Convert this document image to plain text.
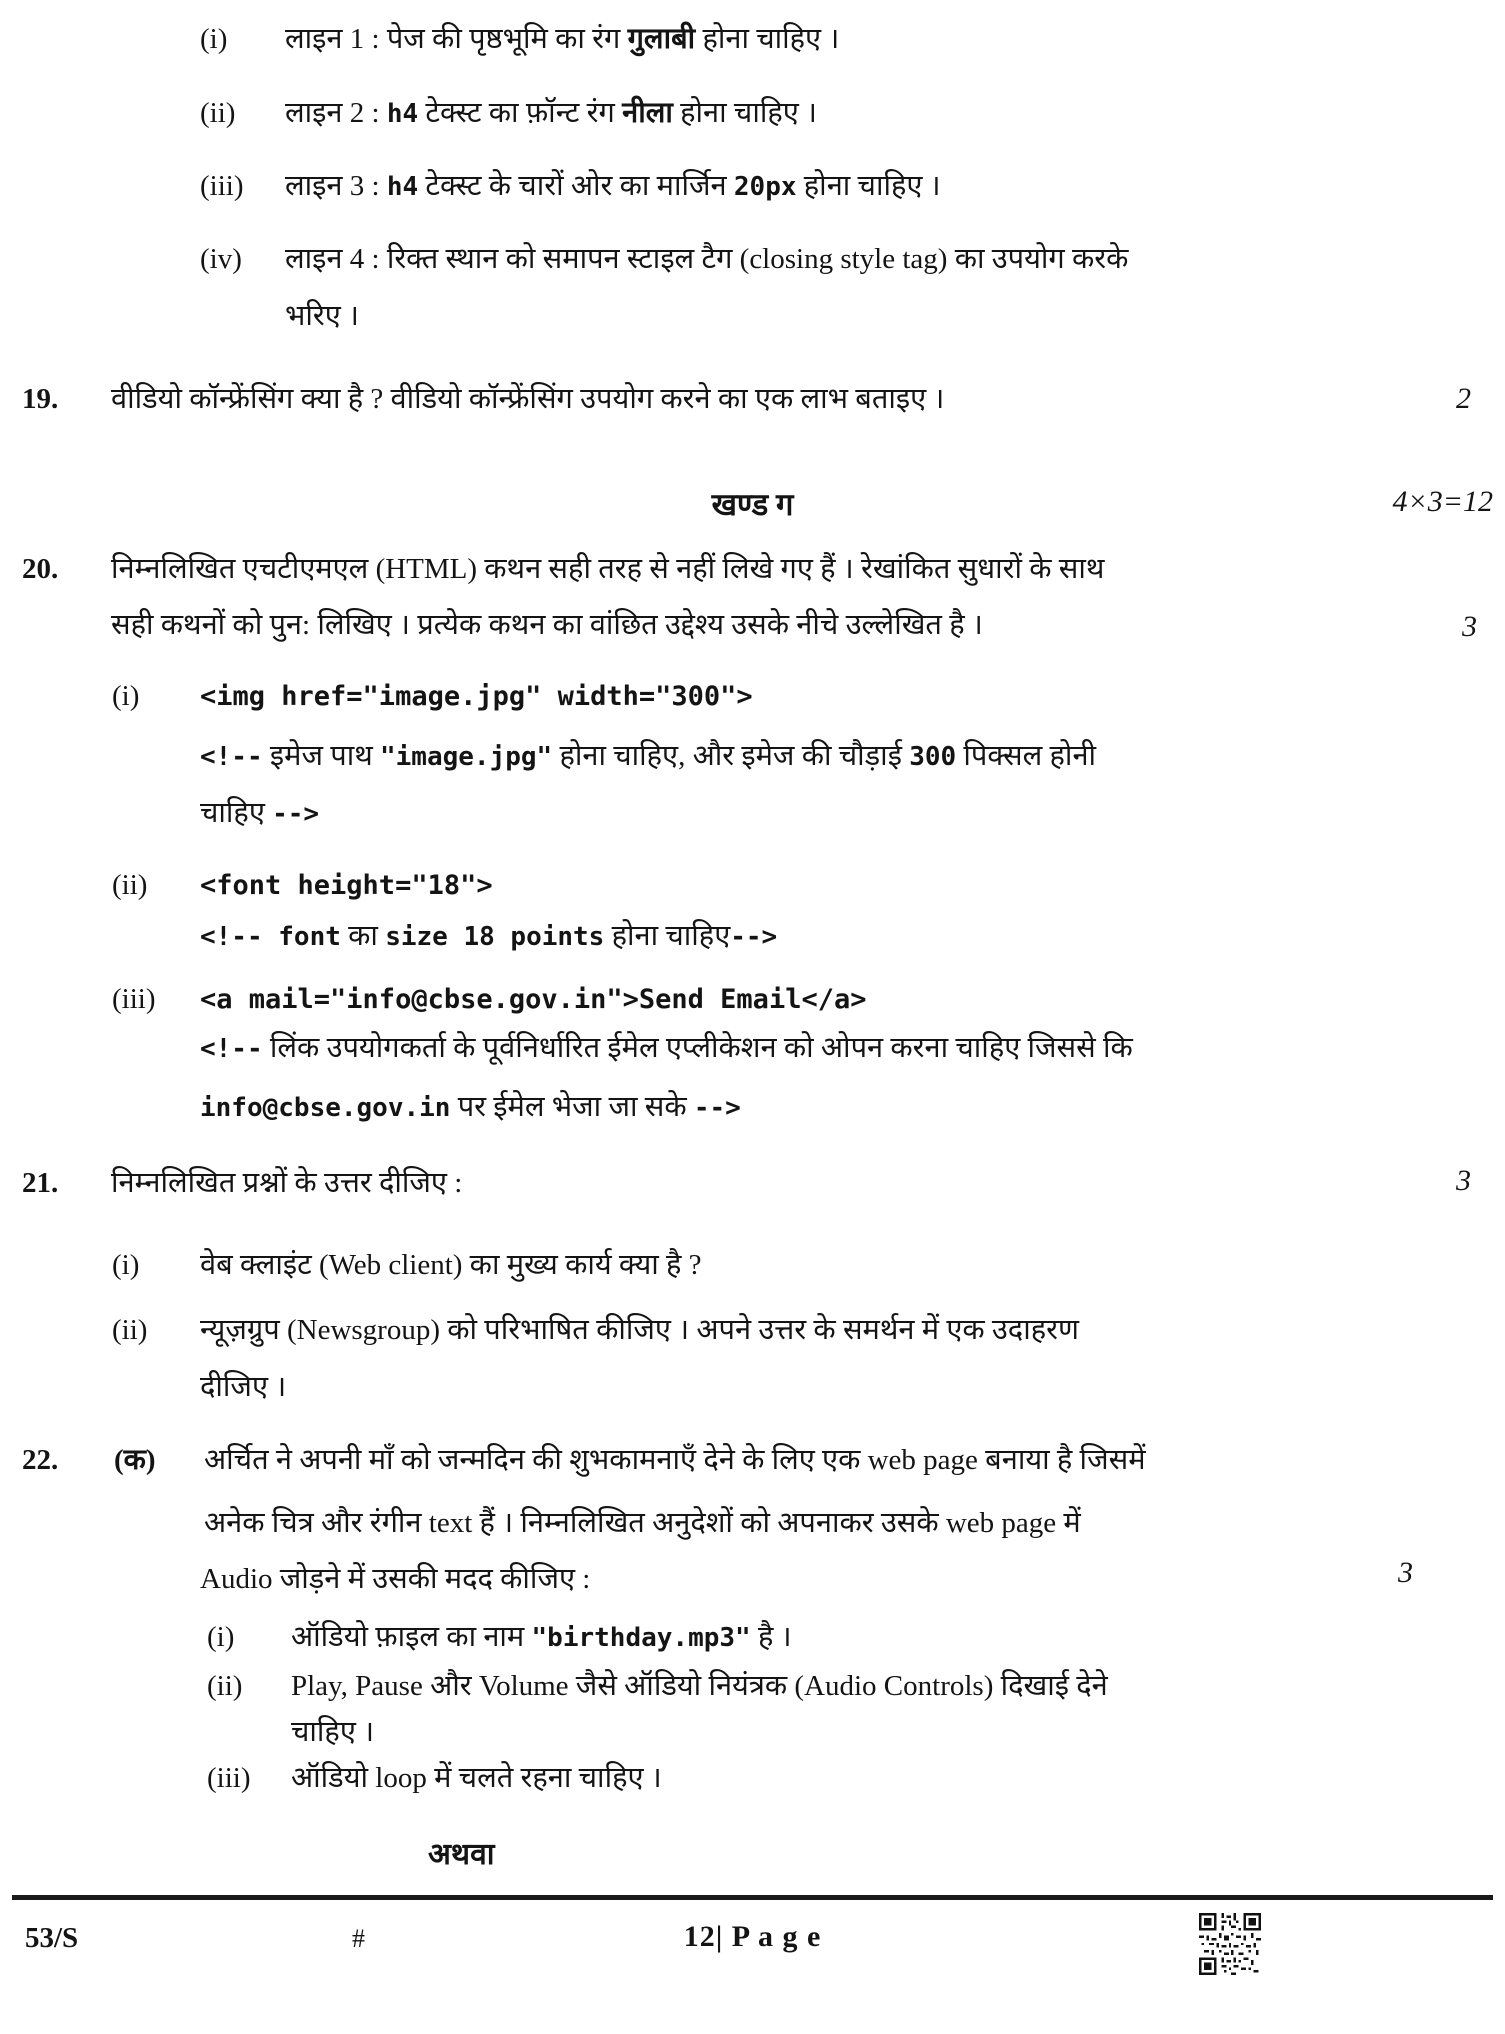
(i) लाइन 1 : पेज की पृष्ठभूमि का रंग गुलाबी होना चाहिए ।
(ii) लाइन 2 : h4 टेक्स्ट का फ़ॉन्ट रंग नीला होना चाहिए ।
(iii) लाइन 3 : h4 टेक्स्ट के चारों ओर का मार्जिन 20px होना चाहिए ।
(iv) लाइन 4 : रिक्त स्थान को समापन स्टाइल टैग (closing style tag) का उपयोग करके
भरिए ।
19. वीडियो कॉन्फ्रेंसिंग क्या है ? वीडियो कॉन्फ्रेंसिंग उपयोग करने का एक लाभ बताइए ।	2
खण्ड ग	4×3=12
20. निम्नलिखित एचटीएमएल (HTML) कथन सही तरह से नहीं लिखे गए हैं । रेखांकित सुधारों के साथ
सही कथनों को पुन: लिखिए । प्रत्येक कथन का वांछित उद्देश्य उसके नीचे उल्लेखित है ।	3
(i) <img href="image.jpg" width="300">
<!-- इमेज पाथ "image.jpg" होना चाहिए, और इमेज की चौड़ाई 300 पिक्सल होनी
चाहिए -->
(ii) <font height="18">
<!-- font का size 18 points होना चाहिए-->
(iii) <a mail="info@cbse.gov.in">Send Email</a>
<!-- लिंक उपयोगकर्ता के पूर्वनिर्धारित ईमेल एप्लीकेशन को ओपन करना चाहिए जिससे कि
info@cbse.gov.in पर ईमेल भेजा जा सके -->
21. निम्नलिखित प्रश्नों के उत्तर दीजिए :	3
(i) वेब क्लाइंट (Web client) का मुख्य कार्य क्या है ?
(ii) न्यूज़ग्रुप (Newsgroup) को परिभाषित कीजिए । अपने उत्तर के समर्थन में एक उदाहरण
दीजिए ।
22. (क) अर्चित ने अपनी माँ को जन्मदिन की शुभकामनाएँ देने के लिए एक web page बनाया है जिसमें
अनेक चित्र और रंगीन text हैं । निम्नलिखित अनुदेशों को अपनाकर उसके web page में
Audio जोड़ने में उसकी मदद कीजिए :	3
(i) ऑडियो फ़ाइल का नाम "birthday.mp3" है ।
(ii) Play, Pause और Volume जैसे ऑडियो नियंत्रक (Audio Controls) दिखाई देने
चाहिए ।
(iii) ऑडियो loop में चलते रहना चाहिए ।
अथवा
53/S	#	12| P a g e
